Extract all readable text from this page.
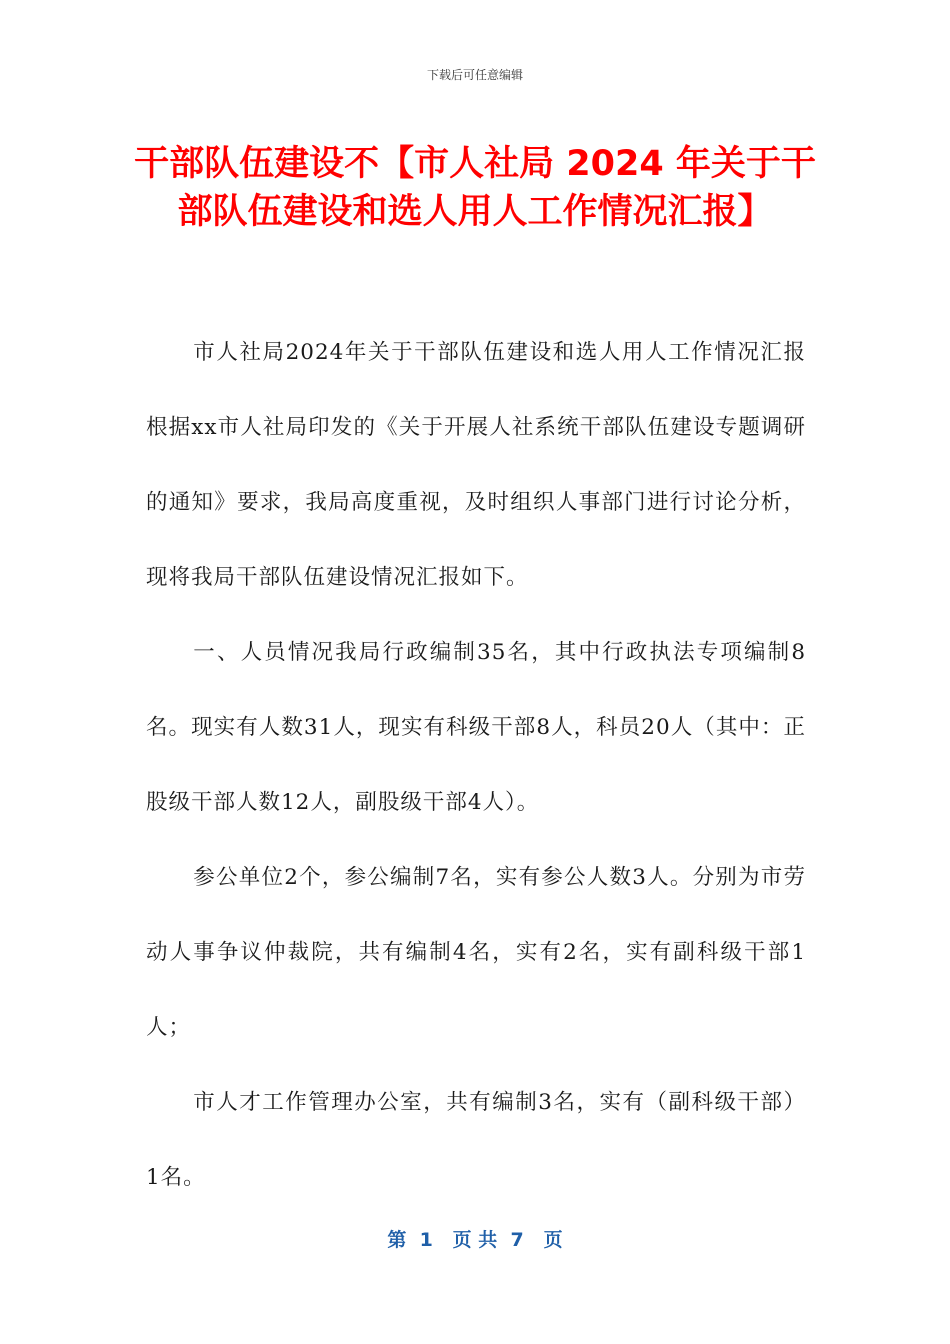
下载后可任意编辑
干部队伍建设不【市人社局 2024 年关于干
部队伍建设和选人用人工作情况汇报】

市人社局2024年关于干部队伍建设和选人用人工作情况汇报根据xx市人社局印发的《关于开展人社系统干部队伍建设专题调研的通知》要求，我局高度重视，及时组织人事部门进行讨论分析，现将我局干部队伍建设情况汇报如下。

一、人员情况我局行政编制35名，其中行政执法专项编制8名。现实有人数31人，现实有科级干部8人，科员20人（其中：正股级干部人数12人，副股级干部4人）。

参公单位2个，参公编制7名，实有参公人数3人。分别为市劳动人事争议仲裁院，共有编制4名，实有2名，实有副科级干部1人；

市人才工作管理办公室，共有编制3名，实有（副科级干部）1名。

第  1   页 共  7   页
